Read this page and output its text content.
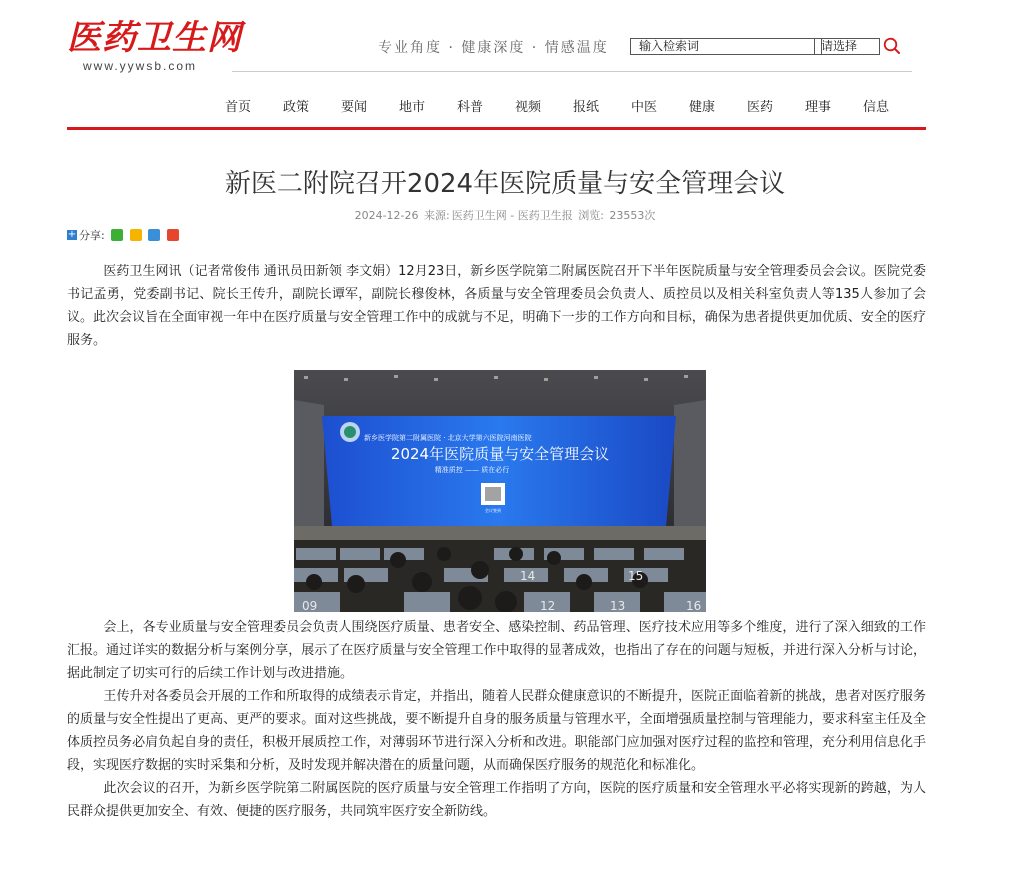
医药卫生网
www.yywsb.com
专业角度 · 健康深度 · 情感温度	输入检索词	请选择
首页	政策	要闻	地市	科普	视频	报纸	中医	健康	医药	理事	信息
新医二附院召开2024年医院质量与安全管理会议
2024-12-26 来源: 医药卫生网 - 医药卫生报 浏览: 23553次
+ 分享:

医药卫生网讯（记者常俊伟 通讯员田新领 李文娟）12月23日，新乡医学院第二附属医院召开下半年医院质量与安全管理委员会会议。医院党委书记孟勇，党委副书记、院长王传升，副院长谭军，副院长穆俊林，各质量与安全管理委员会负责人、质控员以及相关科室负责人等135人参加了会议。此次会议旨在全面审视一年中在医疗质量与安全管理工作中的成就与不足，明确下一步的工作方向和目标，确保为患者提供更加优质、安全的医疗服务。

新乡医学院第二附属医院 · 北京大学第六医院河南医院
2024年医院质量与安全管理会议
精准质控 —— 质在必行
会议签到
09	12	13
14	15
16

会上，各专业质量与安全管理委员会负责人围绕医疗质量、患者安全、感染控制、药品管理、医疗技术应用等多个维度，进行了深入细致的工作汇报。通过详实的数据分析与案例分享，展示了在医疗质量与安全管理工作中取得的显著成效，也指出了存在的问题与短板，并进行深入分析与讨论，据此制定了切实可行的后续工作计划与改进措施。

王传升对各委员会开展的工作和所取得的成绩表示肯定，并指出，随着人民群众健康意识的不断提升，医院正面临着新的挑战，患者对医疗服务的质量与安全性提出了更高、更严的要求。面对这些挑战，要不断提升自身的服务质量与管理水平，全面增强质量控制与管理能力，要求科室主任及全体质控员务必肩负起自身的责任，积极开展质控工作，对薄弱环节进行深入分析和改进。职能部门应加强对医疗过程的监控和管理，充分利用信息化手段，实现医疗数据的实时采集和分析，及时发现并解决潜在的质量问题，从而确保医疗服务的规范化和标准化。

此次会议的召开，为新乡医学院第二附属医院的医疗质量与安全管理工作指明了方向，医院的医疗质量和安全管理水平必将实现新的跨越，为人民群众提供更加安全、有效、便捷的医疗服务，共同筑牢医疗安全新防线。
